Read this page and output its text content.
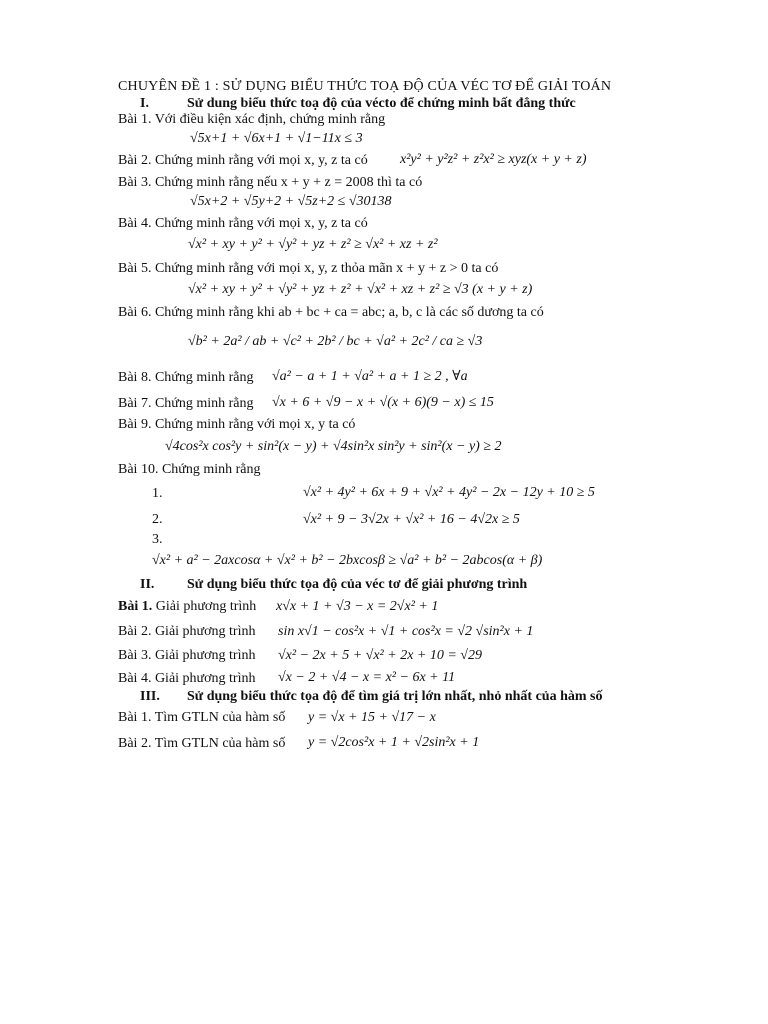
CHUYÊN ĐỀ 1 : SỬ DỤNG BIỂU THỨC TOẠ ĐỘ CỦA VÉC TƠ ĐỂ GIẢI TOÁN
I.	Sử dung biểu thức toạ độ của vécto để chứng minh bất đẳng thức
Bài 1. Với điều kiện xác định, chứng minh rằng
√5x+1 + √6x+1 + √1−11x ≤ 3
Bài 2. Chứng minh rằng với mọi x, y, z ta có x²y² + y²z² + z²x² ≥ xyz(x + y + z)
Bài 3. Chứng minh rằng nếu x + y + z = 2008 thì ta có
√5x+2 + √5y+2 + √5z+2 ≤ √30138
Bài 4. Chứng minh rằng với mọi x, y, z ta có
√x² + xy + y² + √y² + yz + z² ≥ √x² + xz + z²
Bài 5. Chứng minh rằng với mọi x, y, z thỏa mãn x + y + z > 0 ta có
√x² + xy + y² + √y² + yz + z² + √x² + xz + z² ≥ √3 (x + y + z)
Bài 6. Chứng minh rằng khi ab + bc + ca = abc; a, b, c là các số dương ta có
√b² + 2a² / ab + √c² + 2b² / bc + √a² + 2c² / ca ≥ √3
Bài 8. Chứng minh rằng √a² − a + 1 + √a² + a + 1 ≥ 2 , ∀a
Bài 7. Chứng minh rằng √x + 6 + √9 − x + √(x + 6)(9 − x) ≤ 15
Bài 9. Chứng minh rằng với mọi x, y ta có
√4cos²x cos²y + sin²(x − y) + √4sin²x sin²y + sin²(x − y) ≥ 2
Bài 10. Chứng minh rằng
1.	√x² + 4y² + 6x + 9 + √x² + 4y² − 2x − 12y + 10 ≥ 5
2.	√x² + 9 − 3√2x + √x² + 16 − 4√2x ≥ 5
3.
√x² + a² − 2axcosα + √x² + b² − 2bxcosβ ≥ √a² + b² − 2abcos(α + β)
II. Sử dụng biểu thức tọa độ của véc tơ để giải phương trình
Bài 1. Giải phương trình x√x + 1 + √3 − x = 2√x² + 1
Bài 2. Giải phương trình sin x√1 − cos²x + √1 + cos²x = √2 √sin²x + 1
Bài 3. Giải phương trình √x² − 2x + 5 + √x² + 2x + 10 = √29
Bài 4. Giải phương trình √x − 2 + √4 − x = x² − 6x + 11
III. Sử dụng biểu thức tọa độ để tìm giá trị lớn nhất, nhỏ nhất của hàm số
Bài 1. Tìm GTLN của hàm số y = √x + 15 + √17 − x
Bài 2. Tìm GTLN của hàm số y = √2cos²x + 1 + √2sin²x + 1
